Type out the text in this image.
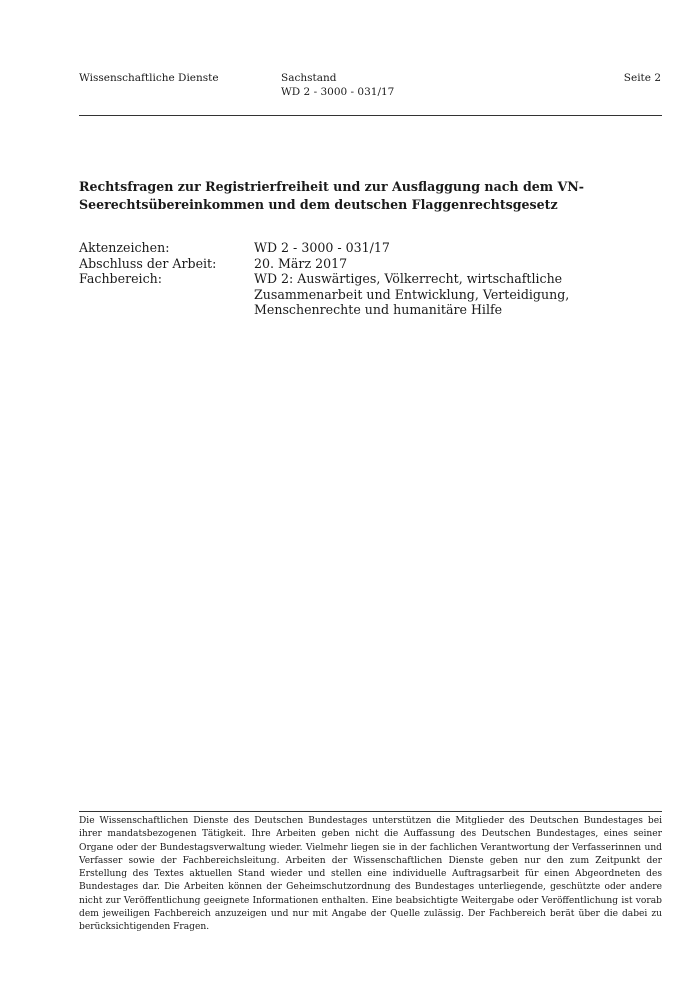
Wissenschaftliche Dienste	Sachstand
WD 2 - 3000 - 031/17
Seite 2
Rechtsfragen zur Registrierfreiheit und zur Ausflaggung nach dem VN-Seerechtsübereinkommen und dem deutschen Flaggenrechtsgesetz
Aktenzeichen:	WD 2 - 3000 - 031/17
Abschluss der Arbeit:	20. März 2017
Fachbereich:	WD 2: Auswärtiges, Völkerrecht, wirtschaftliche Zusammenarbeit und Entwicklung, Verteidigung, Menschenrechte und humanitäre Hilfe
Die Wissenschaftlichen Dienste des Deutschen Bundestages unterstützen die Mitglieder des Deutschen Bundestages bei ihrer mandatsbezogenen Tätigkeit. Ihre Arbeiten geben nicht die Auffassung des Deutschen Bundestages, eines seiner Organe oder der Bundestagsverwaltung wieder. Vielmehr liegen sie in der fachlichen Verantwortung der Verfasserinnen und Verfasser sowie der Fachbereichsleitung. Arbeiten der Wissenschaftlichen Dienste geben nur den zum Zeitpunkt der Erstellung des Textes aktuellen Stand wieder und stellen eine individuelle Auftragsarbeit für einen Abgeordneten des Bundestages dar. Die Arbeiten können der Geheimschutzordnung des Bundestages unterliegende, geschützte oder andere nicht zur Veröffentlichung geeignete Informationen enthalten. Eine beabsichtigte Weitergabe oder Veröffentlichung ist vorab dem jeweiligen Fachbereich anzuzeigen und nur mit Angabe der Quelle zulässig. Der Fachbereich berät über die dabei zu berücksichtigenden Fragen.
